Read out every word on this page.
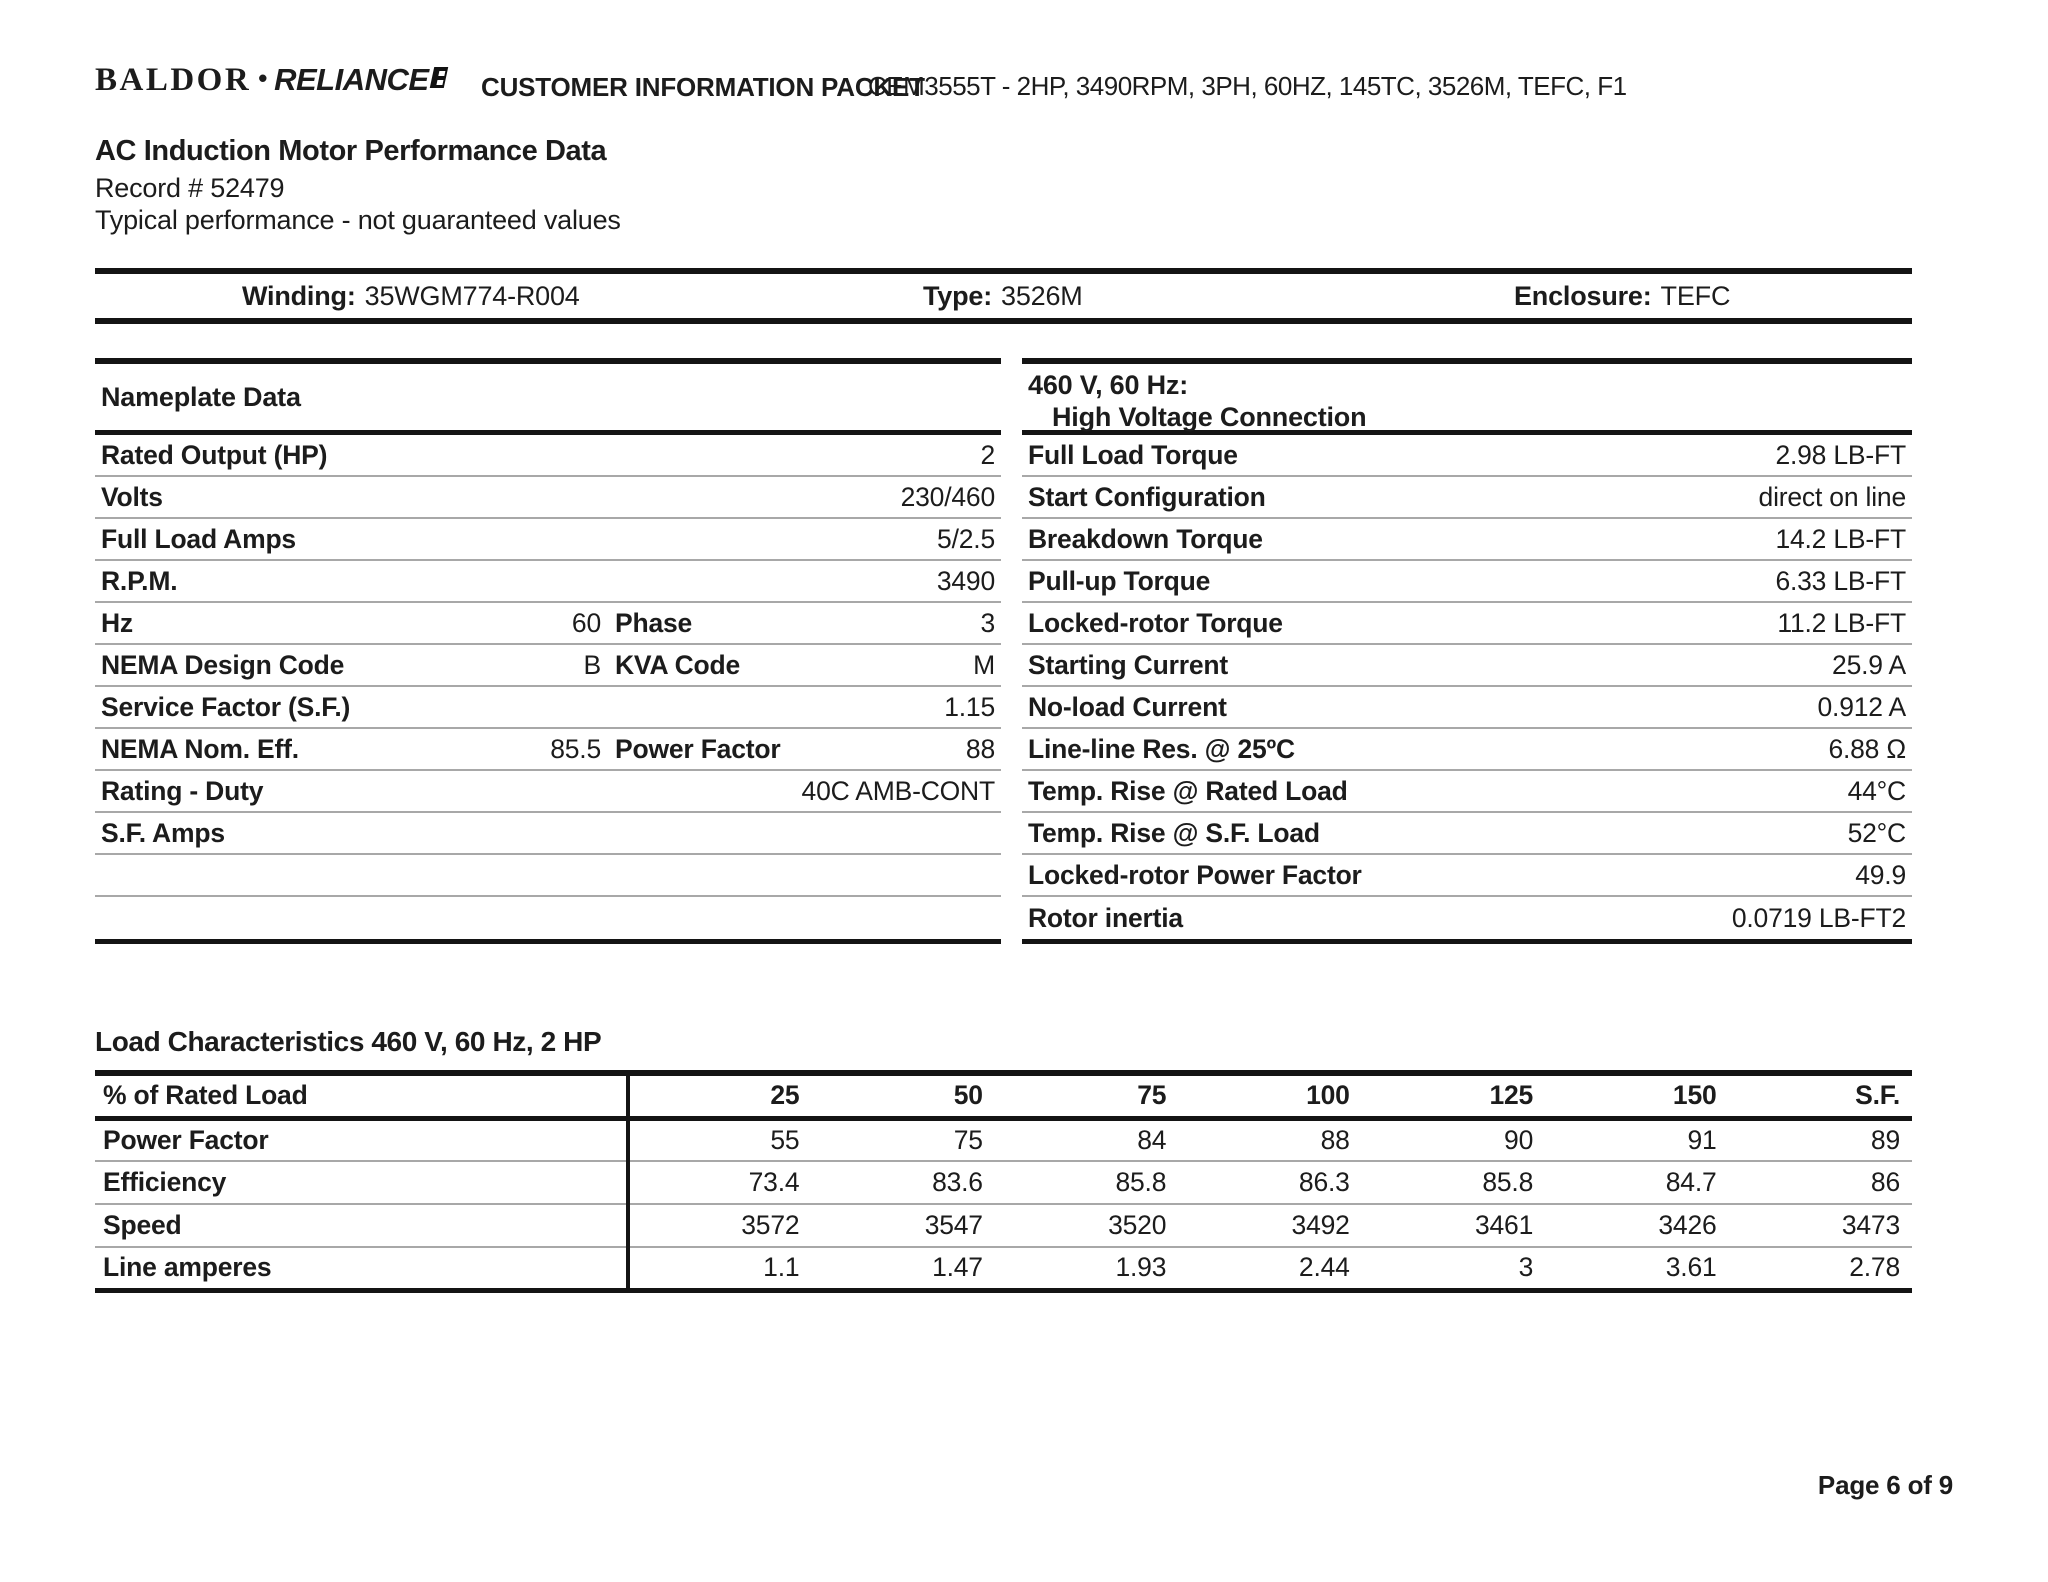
BALDOR • RELIANCE	CUSTOMER INFORMATION PACKET
CEM3555T - 2HP, 3490RPM, 3PH, 60HZ, 145TC, 3526M, TEFC, F1
AC Induction Motor Performance Data
Record # 52479
Typical performance - not guaranteed values
Winding: 35WGM774-R004	Type: 3526M	Enclosure: TEFC
Nameplate Data
Rated Output (HP)	2
Volts	230/460
Full Load Amps	5/2.5
R.P.M.	3490
Hz	60 Phase	3
NEMA Design Code	B KVA Code	M
Service Factor (S.F.)	1.15
NEMA Nom. Eff.	85.5 Power Factor	88
Rating - Duty	40C AMB-CONT
S.F. Amps
460 V, 60 Hz:
High Voltage Connection
Full Load Torque	2.98 LB-FT
Start Configuration	direct on line
Breakdown Torque	14.2 LB-FT
Pull-up Torque	6.33 LB-FT
Locked-rotor Torque	11.2 LB-FT
Starting Current	25.9 A
No-load Current	0.912 A
Line-line Res. @ 25ºC	6.88 Ω
Temp. Rise @ Rated Load	44°C
Temp. Rise @ S.F. Load	52°C
Locked-rotor Power Factor	49.9
Rotor inertia	0.0719 LB-FT2
Load Characteristics 460 V, 60 Hz, 2 HP
% of Rated Load	25	50	75	100	125	150	S.F.
Power Factor	55	75	84	88	90	91	89
Efficiency	73.4	83.6	85.8	86.3	85.8	84.7	86
Speed	3572	3547	3520	3492	3461	3426	3473
Line amperes	1.1	1.47	1.93	2.44	3	3.61	2.78
Page 6 of 9
